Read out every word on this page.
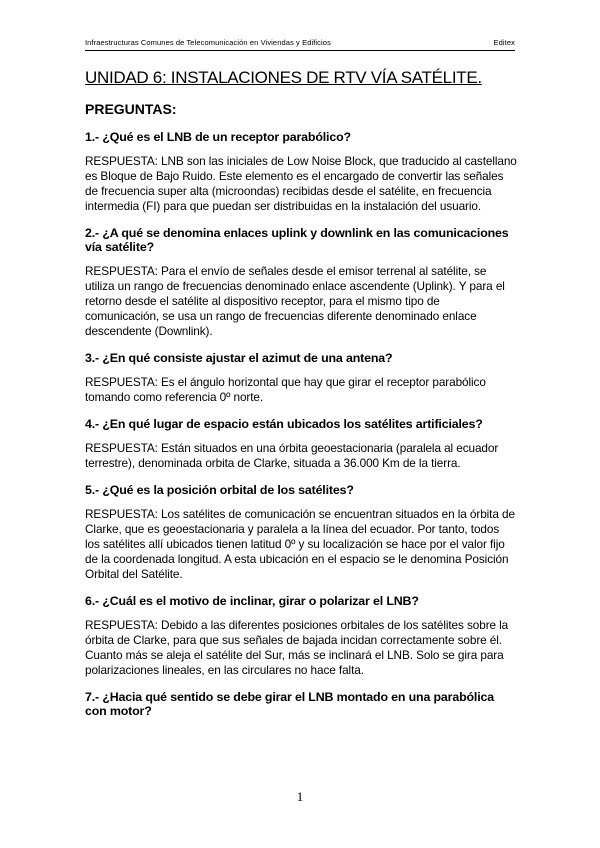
Infraestructuras Comunes de Telecomunicación en Viviendas y Edificios	Editex
UNIDAD 6: INSTALACIONES DE RTV VÍA SATÉLITE.
PREGUNTAS:

1.- ¿Qué es el LNB de un receptor parabólico?

RESPUESTA: LNB son las iniciales de Low Noise Block, que traducido al castellano es Bloque de Bajo Ruido. Este elemento es el encargado de convertir las señales de frecuencia super alta (microondas) recibidas desde el satélite, en frecuencia intermedia (FI) para que puedan ser distribuidas en la instalación del usuario.

2.- ¿A qué se denomina enlaces uplink y downlink en las comunicaciones vía satélite?

RESPUESTA: Para el envío de señales desde el emisor terrenal al satélite, se utiliza un rango de frecuencias denominado enlace ascendente (Uplink). Y para el retorno desde el satélite al dispositivo receptor, para el mismo tipo de comunicación, se usa un rango de frecuencias diferente denominado enlace descendente (Downlink).

3.- ¿En qué consiste ajustar el azimut de una antena?

RESPUESTA: Es el ángulo horizontal que hay que girar el receptor parabólico tomando como referencia 0º norte.

4.- ¿En qué lugar de espacio están ubicados los satélites artificiales?

RESPUESTA: Están situados en una órbita geoestacionaria (paralela al ecuador terrestre), denominada orbita de Clarke, situada a 36.000 Km de la tierra.

5.- ¿Qué es la posición orbital de los satélites?

RESPUESTA: Los satélites de comunicación se encuentran situados en la órbita de Clarke, que es geoestacionaria y paralela a la línea del ecuador. Por tanto, todos los satélites allí ubicados tienen latitud 0º y su localización se hace por el valor fijo de la coordenada longitud. A esta ubicación en el espacio se le denomina Posición Orbital del Satélite.

6.- ¿Cuál es el motivo de inclinar, girar o polarizar el LNB?

RESPUESTA: Debido a las diferentes posiciones orbitales de los satélites sobre la órbita de Clarke, para que sus señales de bajada incidan correctamente sobre él. Cuanto más se aleja el satélite del Sur, más se inclinará el LNB. Solo se gira para polarizaciones lineales, en las circulares no hace falta.

7.- ¿Hacia qué sentido se debe girar el LNB montado en una parabólica con motor?

1
